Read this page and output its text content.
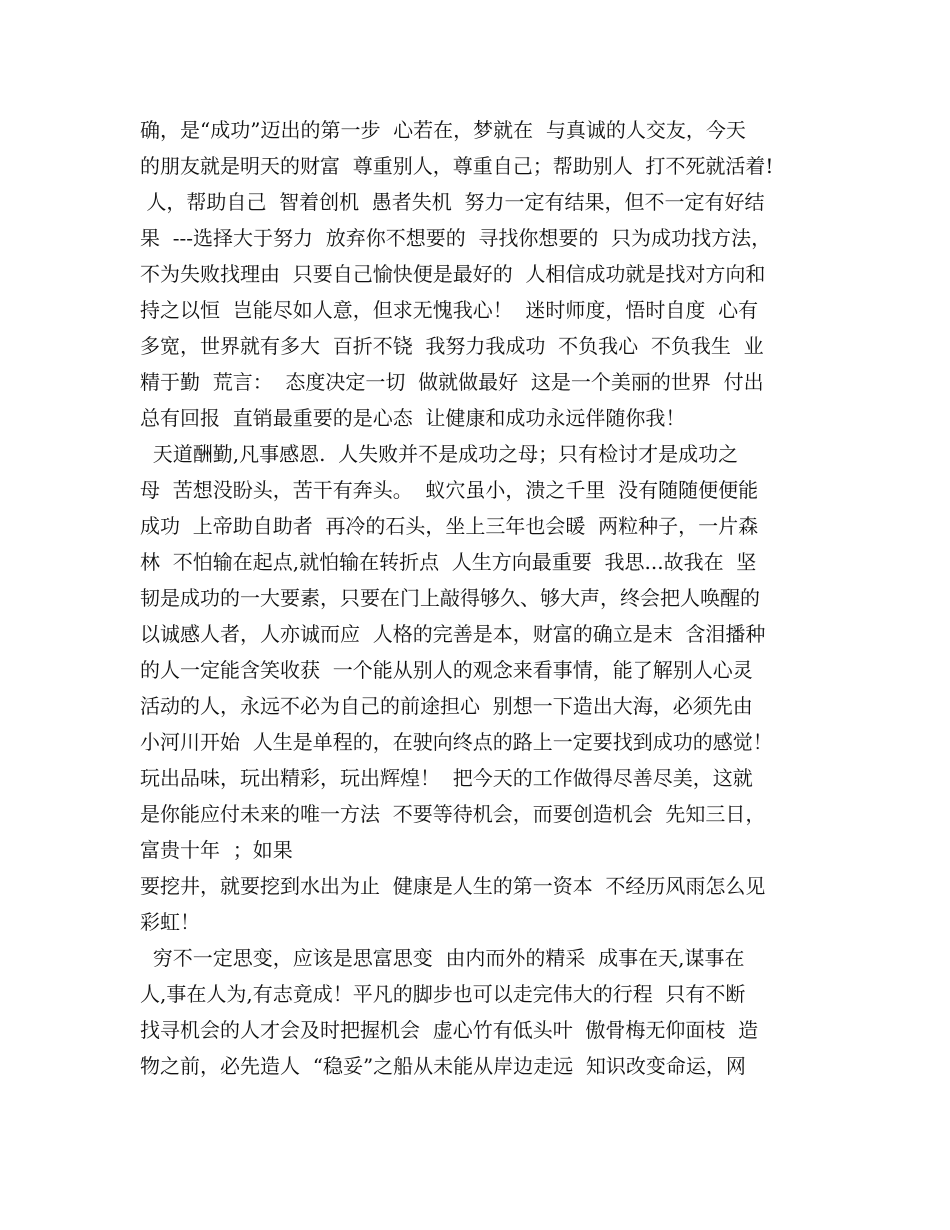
确，是“成功”迈出的第一步  心若在，梦就在  与真诚的人交友，今天
的朋友就是明天的财富  尊重别人，尊重自己；帮助别人  打不死就活着!
人，帮助自己  智着创机  愚者失机  努力一定有结果，但不一定有好结
果  ---选择大于努力  放弃你不想要的  寻找你想要的  只为成功找方法，
不为失败找理由  只要自己愉快便是最好的  人相信成功就是找对方向和
持之以恒  岂能尽如人意，但求无愧我心！  迷时师度，悟时自度  心有
多宽，世界就有多大  百折不铙  我努力我成功  不负我心  不负我生  业
精于勤  荒言：  态度决定一切  做就做最好  这是一个美丽的世界  付出
总有回报  直销最重要的是心态  让健康和成功永远伴随你我！
天道酬勤,凡事感恩.  人失败并不是成功之母；只有检讨才是成功之
母  苦想没盼头，苦干有奔头。  蚁穴虽小，溃之千里  没有随随便便能
成功  上帝助自助者  再冷的石头，坐上三年也会暖  两粒种子，一片森
林  不怕输在起点,就怕输在转折点  人生方向最重要  我思...故我在  坚
韧是成功的一大要素，只要在门上敲得够久、够大声，终会把人唤醒的
以诚感人者，人亦诚而应  人格的完善是本，财富的确立是末  含泪播种
的人一定能含笑收获  一个能从别人的观念来看事情，能了解别人心灵
活动的人，永远不必为自己的前途担心  别想一下造出大海，必须先由
小河川开始  人生是单程的，在驶向终点的路上一定要找到成功的感觉！
玩出品味，玩出精彩，玩出辉煌！  把今天的工作做得尽善尽美，这就
是你能应付未来的唯一方法  不要等待机会，而要创造机会  先知三日，
富贵十年  ；如果
要挖井，就要挖到水出为止  健康是人生的第一资本  不经历风雨怎么见
彩虹！
穷不一定思变，应该是思富思变  由内而外的精采  成事在天,谋事在
人,事在人为,有志竟成！平凡的脚步也可以走完伟大的行程  只有不断
找寻机会的人才会及时把握机会  虚心竹有低头叶  傲骨梅无仰面枝  造
物之前，必先造人  “稳妥”之船从未能从岸边走远  知识改变命运，网
